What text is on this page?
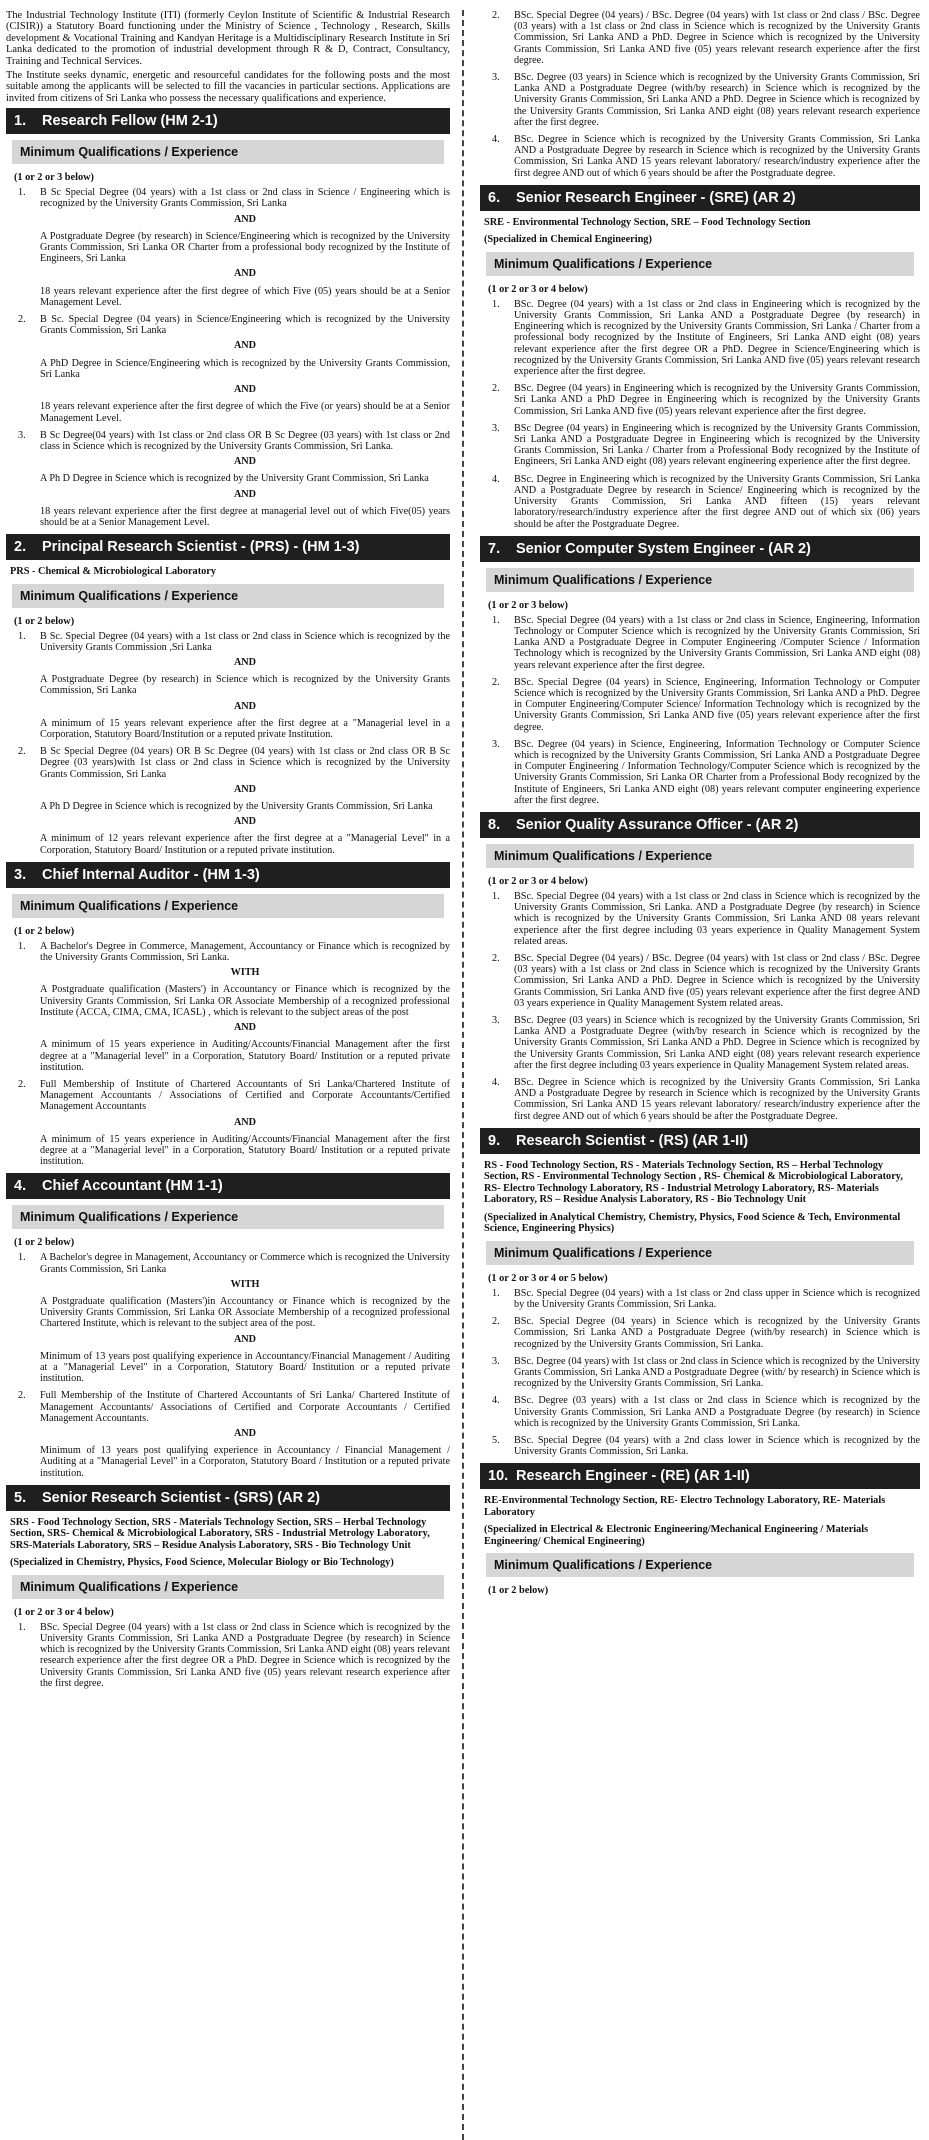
The Industrial Technology Institute (ITI) (formerly Ceylon Institute of Scientific & Industrial Research (CISIR)) a Statutory Board functioning under the Ministry of Science , Technology , Research, Skills development & Vocational Training and Kandyan Heritage is a Multidisciplinary Research Institute in Sri Lanka dedicated to the promotion of industrial development through R & D, Contract, Consultancy, Training and Technical Services.

The Institute seeks dynamic, energetic and resourceful candidates for the following posts and the most suitable among the applicants will be selected to fill the vacancies in particular sections. Applications are invited from citizens of Sri Lanka who possess the necessary qualifications and experience.

1. Research Fellow (HM 2-1)
Minimum Qualifications / Experience
(1 or 2 or 3 below)
1. B Sc Special Degree (04 years) with a 1st class or 2nd class in Science / Engineering which is recognized by the University Grants Commission, Sri Lanka
AND
A Postgraduate Degree (by research) in Science/Engineering which is recognized by the University Grants Commission, Sri Lanka OR Charter from a professional body recognized by the Institute of Engineers, Sri Lanka
AND
18 years relevant experience after the first degree of which Five (05) years should be at a Senior Management Level.
2. B Sc. Special Degree (04 years) in Science/Engineering which is recognized by the University Grants Commission, Sri Lanka
AND
A PhD Degree in Science/Engineering which is recognized by the University Grants Commission, Sri Lanka
AND
18 years relevant experience after the first degree of which the Five (or years) should be at a Senior Management Level.
3. B Sc Degree(04 years) with 1st class or 2nd class OR B Sc Degree (03 years) with 1st class or 2nd class in Science which is recognized by the University Grants Commission, Sri Lanka.
AND
A Ph D Degree in Science which is recognized by the University Grant Commission, Sri Lanka
AND
18 years relevant experience after the first degree at managerial level out of which Five(05) years should be at a Senior Management Level.
2. Principal Research Scientist - (PRS) - (HM 1-3)
PRS - Chemical & Microbiological Laboratory
Minimum Qualifications / Experience
(1 or 2 below)
1. B Sc. Special Degree (04 years) with a 1st class or 2nd class in Science which is recognized by the University Grants Commission ,Sri Lanka
AND
A Postgraduate Degree (by research) in Science which is recognized by the University Grants Commission, Sri Lanka
AND
A minimum of 15 years relevant experience after the first degree at a "Managerial level in a Corporation, Statutory Board/Institution or a reputed private Institution.
2. B Sc Special Degree (04 years) OR B Sc Degree (04 years) with 1st class or 2nd class OR B Sc Degree (03 years)with 1st class or 2nd class in Science which is recognized by the University Grants Commission, Sri Lanka
AND
A Ph D Degree in Science which is recognized by the University Grants Commission, Sri Lanka
AND
A minimum of 12 years relevant experience after the first degree at a "Managerial Level" in a Corporation, Statutory Board/ Institution or a reputed private institution.
3. Chief Internal Auditor - (HM 1-3)
Minimum Qualifications / Experience
(1 or 2 below)
1. A Bachelor's Degree in Commerce, Management, Accountancy or Finance which is recognized by the University Grants Commission, Sri Lanka.
WITH
A Postgraduate qualification (Masters') in Accountancy or Finance which is recognized by the University Grants Commission, Sri Lanka OR Associate Membership of a recognized professional Institute (ACCA, CIMA, CMA, ICASL) , which is relevant to the subject areas of the post
AND
A minimum of 15 years experience in Auditing/Accounts/Financial Management after the first degree at a "Managerial level" in a Corporation, Statutory Board/ Institution or a reputed private institution.
2. Full Membership of Institute of Chartered Accountants of Sri Lanka/Chartered Institute of Management Accountants / Associations of Certified and Corporate Accountants/Certified Management Accountants
AND
A minimum of 15 years experience in Auditing/Accounts/Financial Management after the first degree at a "Managerial level" in a Corporation, Statutory Board/ Institution or a reputed private institution.
4. Chief Accountant (HM 1-1)
Minimum Qualifications / Experience
(1 or 2 below)
1. A Bachelor's degree in Management, Accountancy or Commerce which is recognized the University Grants Commission, Sri Lanka
WITH
A Postgraduate qualification (Masters')in Accountancy or Finance which is recognized by the University Grants Commission, Sri Lanka OR Associate Membership of a recognized professional Chartered Institute, which is relevant to the subject area of the post.
AND
Minimum of 13 years post qualifying experience in Accountancy/Financial Management / Auditing at a "Managerial Level" in a Corporation, Statutory Board/ Institution or a reputed private institution.
2. Full Membership of the Institute of Chartered Accountants of Sri Lanka/ Chartered Institute of Management Accountants/ Associations of Certified and Corporate Accountants / Certified Management Accountants.
AND
Minimum of 13 years post qualifying experience in Accountancy / Financial Management / Auditing at a "Managerial Level" in a Corporaton, Statutory Board / Institution or a reputed private institution.
5. Senior Research Scientist - (SRS) (AR 2)
SRS - Food Technology Section, SRS - Materials Technology Section, SRS – Herbal Technology Section, SRS- Chemical & Microbiological Laboratory, SRS - Industrial Metrology Laboratory, SRS-Materials Laboratory, SRS – Residue Analysis Laboratory, SRS - Bio Technology Unit
(Specialized in Chemistry, Physics, Food Science, Molecular Biology or Bio Technology)
Minimum Qualifications / Experience
(1 or 2 or 3 or 4 below)
1. BSc. Special Degree (04 years) with a 1st class or 2nd class in Science which is recognized by the University Grants Commission, Sri Lanka AND a Postgraduate Degree (by research) in Science which is recognized by the University Grants Commission, Sri Lanka AND eight (08) years relevant research experience after the first degree OR a PhD. Degree in Science which is recognized by the University Grants Commission, Sri Lanka AND five (05) years relevant research experience after the first degree.
2. BSc. Special Degree (04 years) / BSc. Degree (04 years) with 1st class or 2nd class / BSc. Degree (03 years) with a 1st class or 2nd class in Science which is recognized by the University Grants Commission, Sri Lanka AND a PhD. Degree in Science which is recognized by the University Grants Commission, Sri Lanka AND five (05) years relevant research experience after the first degree.
3. BSc. Degree (03 years) in Science which is recognized by the University Grants Commission, Sri Lanka AND a Postgraduate Degree (with/by research) in Science which is recognized by the University Grants Commission, Sri Lanka AND a PhD. Degree in Science which is recognized by the University Grants Commission, Sri Lanka AND eight (08) years relevant research experience after the first degree.
4. BSc. Degree in Science which is recognized by the University Grants Commission, Sri Lanka AND a Postgraduate Degree by research in Science which is recognized by the University Grants Commission, Sri Lanka AND 15 years relevant laboratory/ research/industry experience after the first degree AND out of which 6 years should be after the Postgraduate degree.
6. Senior Research Engineer - (SRE) (AR 2)
SRE - Environmental Technology Section, SRE – Food Technology Section
(Specialized in Chemical Engineering)
Minimum Qualifications / Experience
(1 or 2 or 3 or 4 below)
1. BSc. Degree (04 years) with a 1st class or 2nd class in Engineering which is recognized by the University Grants Commission, Sri Lanka AND a Postgraduate Degree (by research) in Engineering which is recognized by the University Grants Commission, Sri Lanka / Charter from a professional body recognized by the Institute of Engineers, Sri Lanka AND eight (08) years relevant experience after the first degree OR a PhD. Degree in Science/Engineering which is recognized by the University Grants Commission, Sri Lanka AND five (05) years relevant research experience after the first degree.
2. BSc. Degree (04 years) in Engineering which is recognized by the University Grants Commission, Sri Lanka AND a PhD Degree in Engineering which is recognized by the University Grants Commission, Sri Lanka AND five (05) years relevant experience after the first degree.
3. BSc Degree (04 years) in Engineering which is recognized by the University Grants Commission, Sri Lanka AND a Postgraduate Degree in Engineering which is recognized by the University Grants Commission, Sri Lanka / Charter from a Professional Body recognized by the Institute of Engineers, Sri Lanka AND eight (08) years relevant engineering experience after the first degree.
4. BSc. Degree in Engineering which is recognized by the University Grants Commission, Sri Lanka AND a Postgraduate Degree by research in Science/ Engineering which is recognized by the University Grants Commission, Sri Lanka AND fifteen (15) years relevant laboratory/research/industry experience after the first degree AND out of which six (06) years should be after the Postgraduate Degree.
7. Senior Computer System Engineer - (AR 2)
Minimum Qualifications / Experience
(1 or 2 or 3 below)
1. BSc. Special Degree (04 years) with a 1st class or 2nd class in Science, Engineering, Information Technology or Computer Science which is recognized by the University Grants Commission, Sri Lanka AND a Postgraduate Degree in Computer Engineering /Computer Science / Information Technology which is recognized by the University Grants Commission, Sri Lanka AND eight (08) years relevant experience after the first degree.
2. BSc. Special Degree (04 years) in Science, Engineering, Information Technology or Computer Science which is recognized by the University Grants Commission, Sri Lanka AND a PhD. Degree in Computer Engineering/Computer Science/ Information Technology which is recognized by the University Grants Commission, Sri Lanka AND five (05) years relevant experience after the first degree.
3. BSc. Degree (04 years) in Science, Engineering, Information Technology or Computer Science which is recognized by the University Grants Commission, Sri Lanka AND a Postgraduate Degree in Computer Engineering / Information Technology/Computer Science which is recognized by the University Grants Commission, Sri Lanka OR Charter from a Professional Body recognized by the Institute of Engineers, Sri Lanka AND eight (08) years relevant computer engineering experience after the first degree.
8. Senior Quality Assurance Officer - (AR 2)
Minimum Qualifications / Experience
(1 or 2 or 3 or 4 below)
1. BSc. Special Degree (04 years) with a 1st class or 2nd class in Science which is recognized by the University Grants Commission, Sri Lanka. AND a Postgraduate Degree (by research) in Science which is recognized by the University Grants Commission, Sri Lanka AND 08 years relevant experience after the first degree including 03 years experience in Quality Management System related areas.
2. BSc. Special Degree (04 years) / BSc. Degree (04 years) with 1st class or 2nd class / BSc. Degree (03 years) with a 1st class or 2nd class in Science which is recognized by the University Grants Commission, Sri Lanka AND a PhD. Degree in Science which is recognized by the University Grants Commission, Sri Lanka AND five (05) years relevant experience after the first degree AND 03 years experience in Quality Management System related areas.
3. BSc. Degree (03 years) in Science which is recognized by the University Grants Commission, Sri Lanka AND a Postgraduate Degree (with/by research in Science which is recognized by the University Grants Commission, Sri Lanka AND a PhD. Degree in Science which is recognized by the University Grants Commission, Sri Lanka AND eight (08) years relevant research experience after the first degree including 03 years experience in Quality Management System related areas.
4. BSc. Degree in Science which is recognized by the University Grants Commission, Sri Lanka AND a Postgraduate Degree by research in Science which is recognized by the University Grants Commission, Sri Lanka AND 15 years relevant laboratory/ research/industry experience after the first degree AND out of which 6 years should be after the Postgraduate Degree.
9. Research Scientist - (RS) (AR 1-II)
RS - Food Technology Section, RS - Materials Technology Section, RS – Herbal Technology Section, RS - Environmental Technology Section , RS- Chemical & Microbiological Laboratory, RS- Electro Technology Laboratory, RS - Industrial Metrology Laboratory, RS- Materials Laboratory, RS – Residue Analysis Laboratory, RS - Bio Technology Unit
(Specialized in Analytical Chemistry, Chemistry, Physics, Food Science & Tech, Environmental Science, Engineering Physics)
Minimum Qualifications / Experience
(1 or 2 or 3 or 4 or 5 below)
1. BSc. Special Degree (04 years) with a 1st class or 2nd class upper in Science which is recognized by the University Grants Commission, Sri Lanka.
2. BSc. Special Degree (04 years) in Science which is recognized by the University Grants Commission, Sri Lanka AND a Postgraduate Degree (with/by research) in Science which is recognized by the University Grants Commission, Sri Lanka.
3. BSc. Degree (04 years) with 1st class or 2nd class in Science which is recognized by the University Grants Commission, Sri Lanka AND a Postgraduate Degree (with/ by research) in Science which is recognized by the University Grants Commission, Sri Lanka.
4. BSc. Degree (03 years) with a 1st class or 2nd class in Science which is recognized by the University Grants Commission, Sri Lanka AND a Postgraduate Degree (by research) in Science which is recognized by the University Grants Commission, Sri Lanka.
5. BSc. Special Degree (04 years) with a 2nd class lower in Science which is recognized by the University Grants Commission, Sri Lanka.
10. Research Engineer - (RE) (AR 1-II)
RE-Environmental Technology Section, RE- Electro Technology Laboratory, RE- Materials Laboratory
(Specialized in Electrical & Electronic Engineering/Mechanical Engineering / Materials Engineering/ Chemical Engineering)
Minimum Qualifications / Experience
(1 or 2 below)
